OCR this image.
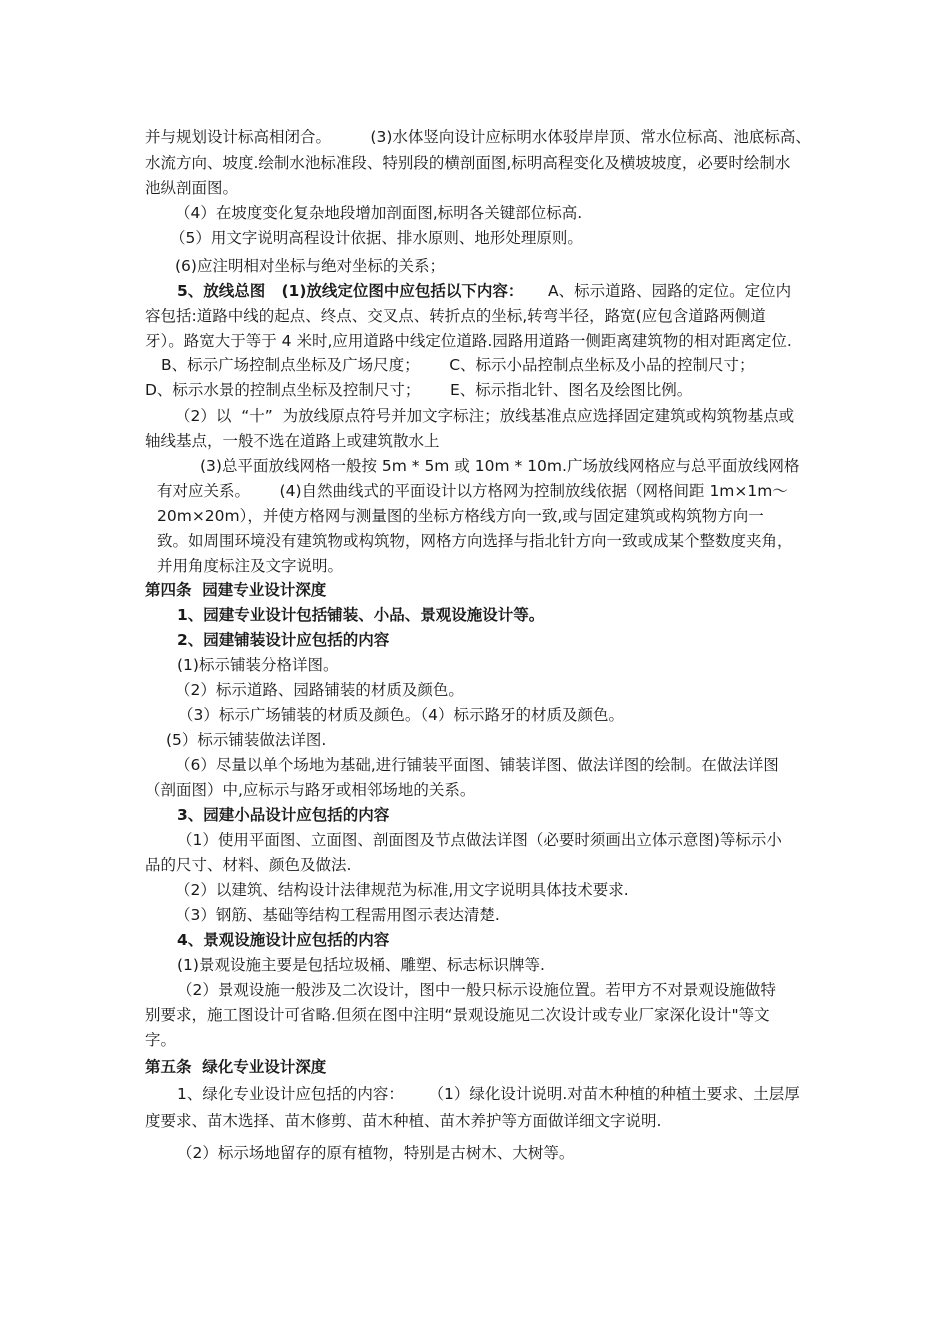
并与规划设计标高相闭合。        (3)水体竖向设计应标明水体驳岸岸顶、常水位标高、池底标高、
水流方向、坡度.绘制水池标准段、特别段的横剖面图,标明高程变化及横坡坡度，必要时绘制水
池纵剖面图。
（4）在坡度变化复杂地段增加剖面图,标明各关键部位标高.
（5）用文字说明高程设计依据、排水原则、地形处理原则。
(6)应注明相对坐标与绝对坐标的关系；
5、放线总图   (1)放线定位图中应包括以下内容： A、标示道路、园路的定位。定位内
容包括:道路中线的起点、终点、交叉点、转折点的坐标,转弯半径，路宽(应包含道路两侧道
牙）。路宽大于等于 4 米时,应用道路中线定位道路.园路用道路一侧距离建筑物的相对距离定位.
B、标示广场控制点坐标及广场尺度；      C、标示小品控制点坐标及小品的控制尺寸；
D、标示水景的控制点坐标及控制尺寸；      E、标示指北针、图名及绘图比例。
（2）以  “十”  为放线原点符号并加文字标注；放线基准点应选择固定建筑或构筑物基点或
轴线基点，一般不选在道路上或建筑散水上
(3)总平面放线网格一般按 5m * 5m 或 10m * 10m.广场放线网格应与总平面放线网格
有对应关系。      (4)自然曲线式的平面设计以方格网为控制放线依据（网格间距 1m×1m～
20m×20m），并使方格网与测量图的坐标方格线方向一致,或与固定建筑或构筑物方向一
致。如周围环境没有建筑物或构筑物，网格方向选择与指北针方向一致或成某个整数度夹角，
并用角度标注及文字说明。
第四条  园建专业设计深度
1、园建专业设计包括铺装、小品、景观设施设计等。
2、园建铺装设计应包括的内容
(1)标示铺装分格详图。
（2）标示道路、园路铺装的材质及颜色。
（3）标示广场铺装的材质及颜色。（4）标示路牙的材质及颜色。
(5）标示铺装做法详图.
（6）尽量以单个场地为基础,进行铺装平面图、铺装详图、做法详图的绘制。在做法详图
（剖面图）中,应标示与路牙或相邻场地的关系。
3、园建小品设计应包括的内容
（1）使用平面图、立面图、剖面图及节点做法详图（必要时须画出立体示意图)等标示小
品的尺寸、材料、颜色及做法.
（2）以建筑、结构设计法律规范为标准,用文字说明具体技术要求.
（3）钢筋、基础等结构工程需用图示表达清楚.
4、景观设施设计应包括的内容
(1)景观设施主要是包括垃圾桶、雕塑、标志标识牌等.
（2）景观设施一般涉及二次设计，图中一般只标示设施位置。若甲方不对景观设施做特
别要求，施工图设计可省略.但须在图中注明“景观设施见二次设计或专业厂家深化设计"等文
字。
第五条  绿化专业设计深度
1、绿化专业设计应包括的内容：     （1）绿化设计说明.对苗木种植的种植土要求、土层厚
度要求、苗木选择、苗木修剪、苗木种植、苗木养护等方面做详细文字说明.
（2）标示场地留存的原有植物，特别是古树木、大树等。
